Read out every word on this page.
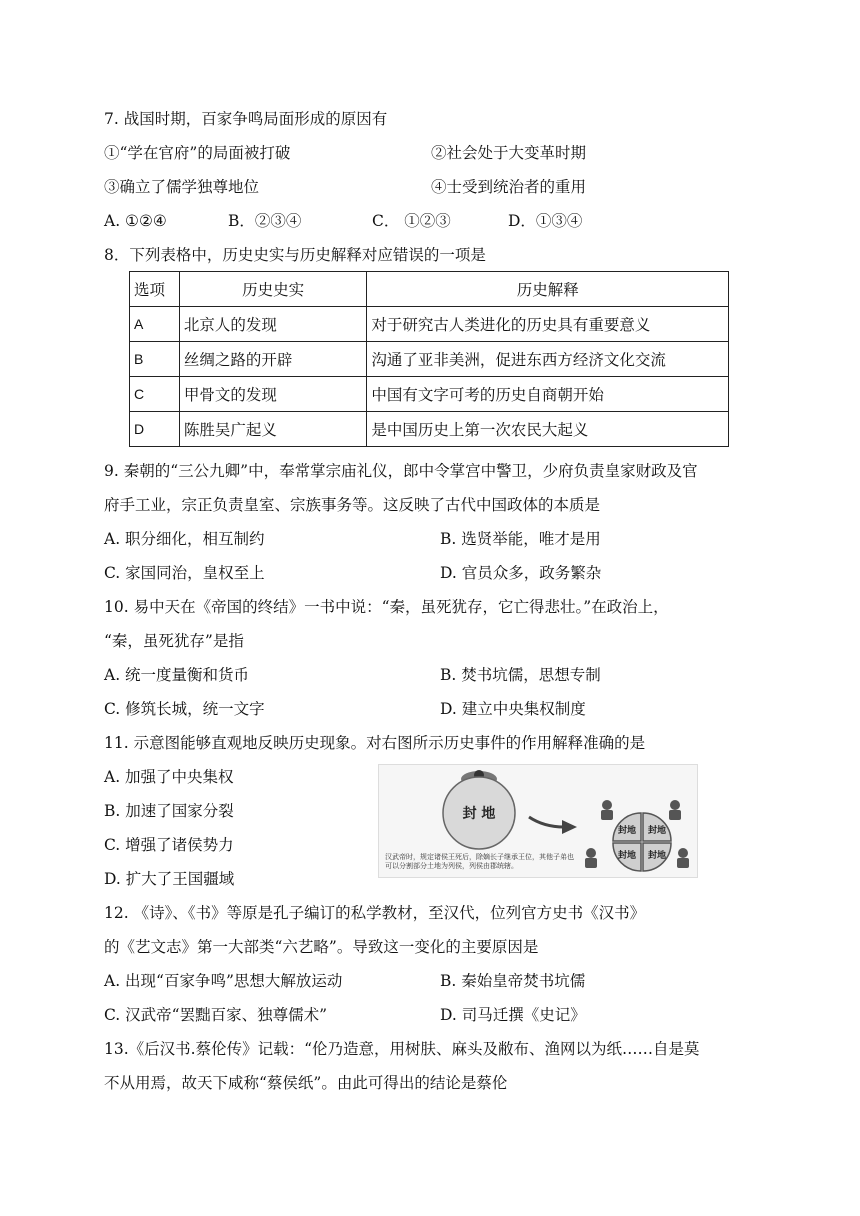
7. 战国时期，百家争鸣局面形成的原因有
①“学在官府”的局面被打破	②社会处于大变革时期
③确立了儒学独尊地位	④士受到统治者的重用
A. ①②④	B．②③④	C． ①②③	D．①③④
8．下列表格中，历史史实与历史解释对应错误的一项是
选项	历史史实	历史解释
A	北京人的发现	对于研究古人类进化的历史具有重要意义
B	丝绸之路的开辟	沟通了亚非美洲，促进东西方经济文化交流
C	甲骨文的发现	中国有文字可考的历史自商朝开始
D	陈胜吴广起义	是中国历史上第一次农民大起义
9. 秦朝的“三公九卿”中，奉常掌宗庙礼仪，郎中令掌宫中警卫，少府负责皇家财政及官
府手工业，宗正负责皇室、宗族事务等。这反映了古代中国政体的本质是
A. 职分细化，相互制约	B. 选贤举能，唯才是用
C. 家国同治，皇权至上	D. 官员众多，政务繁杂
10. 易中天在《帝国的终结》一书中说：“秦，虽死犹存，它亡得悲壮。”在政治上，
“秦，虽死犹存”是指
A. 统一度量衡和货币	B. 焚书坑儒，思想专制
C. 修筑长城，统一文字	D. 建立中央集权制度
11. 示意图能够直观地反映历史现象。对右图所示历史事件的作用解释准确的是
A. 加强了中央集权
B. 加速了国家分裂
C. 增强了诸侯势力
D. 扩大了王国疆域
封 地
封地 封地
封地 封地
汉武帝时，规定诸侯王死后，除嫡长子继承王位，其他子弟也可以分割部分土地为列侯，列侯由郡统辖。
12. 《诗》、《书》等原是孔子编订的私学教材，至汉代，位列官方史书《汉书》
的《艺文志》第一大部类“六艺略”。导致这一变化的主要原因是
A. 出现“百家争鸣”思想大解放运动	B. 秦始皇帝焚书坑儒
C. 汉武帝“罢黜百家、独尊儒术”	D. 司马迁撰《史记》
13.《后汉书.蔡伦传》记载：“伦乃造意，用树肤、麻头及敝布、渔网以为纸……自是莫
不从用焉，故天下咸称“蔡侯纸”。由此可得出的结论是蔡伦
